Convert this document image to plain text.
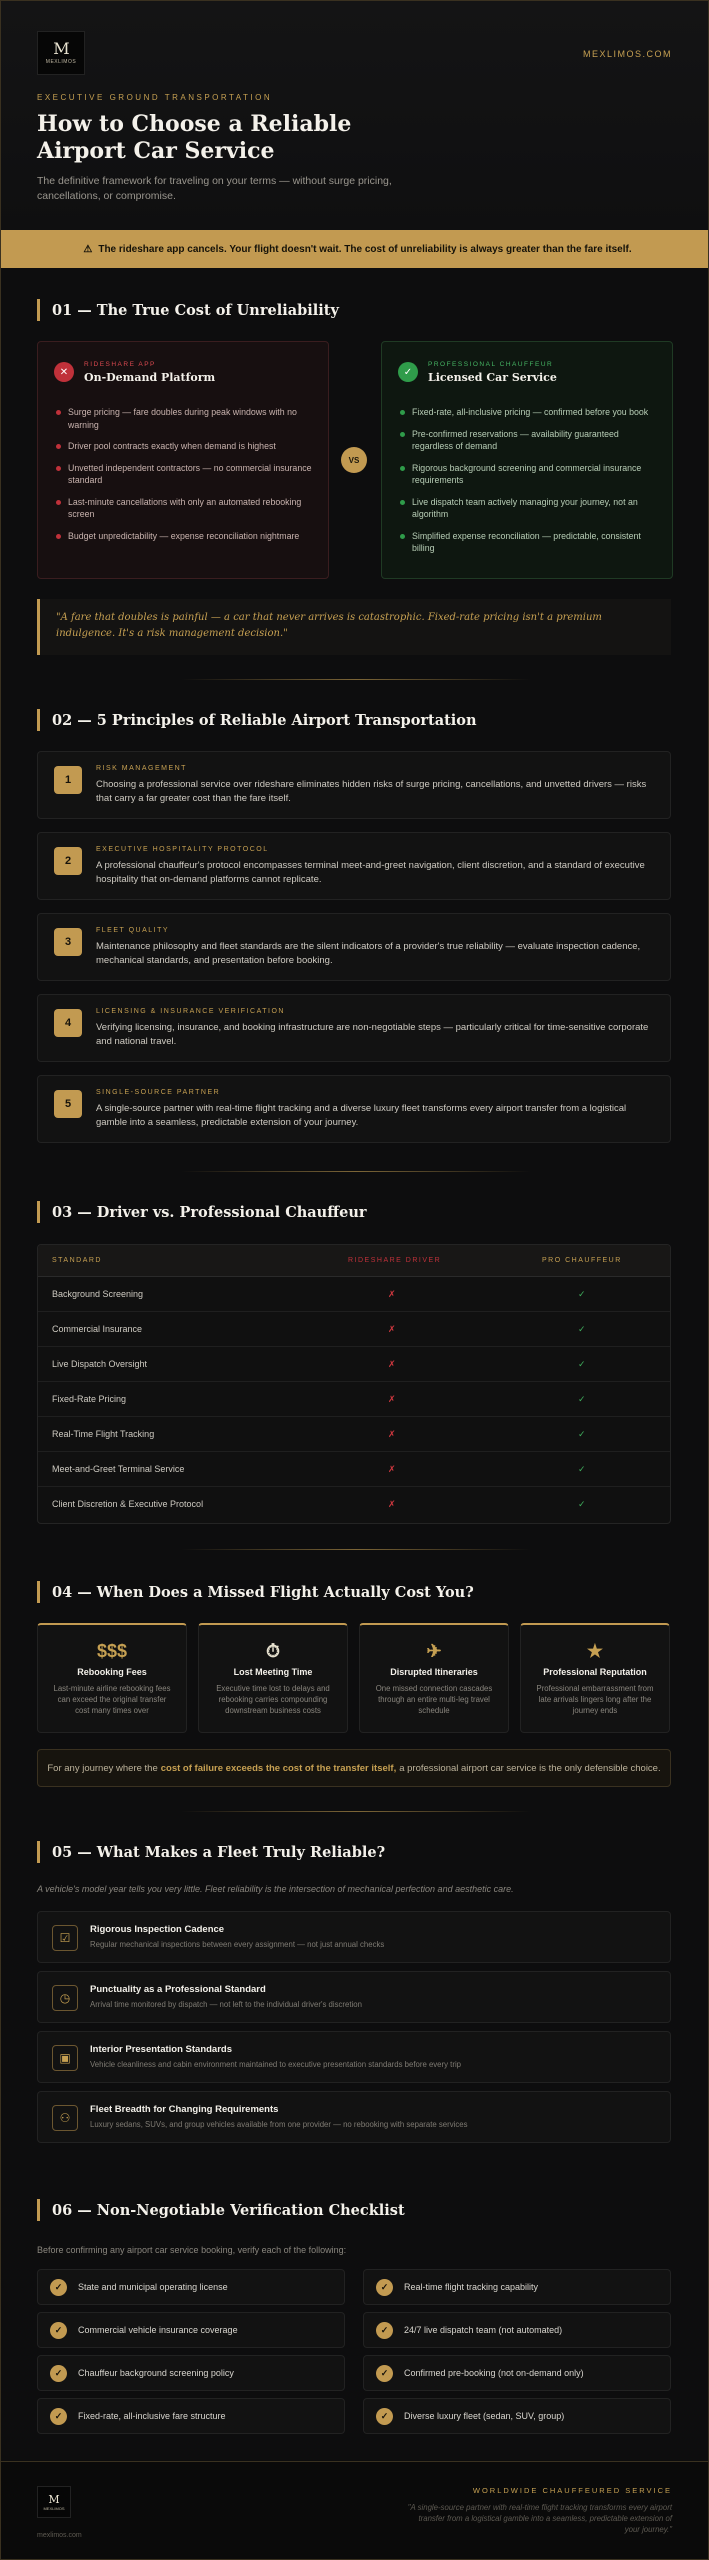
M
MEXLIMOS
MEXLIMOS.COM
EXECUTIVE GROUND TRANSPORTATION
How to Choose a Reliable Airport Car Service
The definitive framework for traveling on your terms — without surge pricing, cancellations, or compromise.
⚠ The rideshare app cancels. Your flight doesn't wait. The cost of unreliability is always greater than the fare itself.
01 — The True Cost of Unreliability
✕
RIDESHARE APP
On-Demand Platform
Surge pricing — fare doubles during peak windows with no warning
Driver pool contracts exactly when demand is highest
Unvetted independent contractors — no commercial insurance standard
Last-minute cancellations with only an automated rebooking screen
Budget unpredictability — expense reconciliation nightmare
VS
✓
PROFESSIONAL CHAUFFEUR
Licensed Car Service
Fixed-rate, all-inclusive pricing — confirmed before you book
Pre-confirmed reservations — availability guaranteed regardless of demand
Rigorous background screening and commercial insurance requirements
Live dispatch team actively managing your journey, not an algorithm
Simplified expense reconciliation — predictable, consistent billing
"A fare that doubles is painful — a car that never arrives is catastrophic. Fixed-rate pricing isn't a premium indulgence. It's a risk management decision."
02 — 5 Principles of Reliable Airport Transportation
1
RISK MANAGEMENT
Choosing a professional service over rideshare eliminates hidden risks of surge pricing, cancellations, and unvetted drivers — risks that carry a far greater cost than the fare itself.
2
EXECUTIVE HOSPITALITY PROTOCOL
A professional chauffeur's protocol encompasses terminal meet-and-greet navigation, client discretion, and a standard of executive hospitality that on-demand platforms cannot replicate.
3
FLEET QUALITY
Maintenance philosophy and fleet standards are the silent indicators of a provider's true reliability — evaluate inspection cadence, mechanical standards, and presentation before booking.
4
LICENSING & INSURANCE VERIFICATION
Verifying licensing, insurance, and booking infrastructure are non-negotiable steps — particularly critical for time-sensitive corporate and national travel.
5
SINGLE-SOURCE PARTNER
A single-source partner with real-time flight tracking and a diverse luxury fleet transforms every airport transfer from a logistical gamble into a seamless, predictable extension of your journey.
03 — Driver vs. Professional Chauffeur
STANDARD	RIDESHARE DRIVER	PRO CHAUFFEUR
Background Screening	✗	✓
Commercial Insurance	✗	✓
Live Dispatch Oversight	✗	✓
Fixed-Rate Pricing	✗	✓
Real-Time Flight Tracking	✗	✓
Meet-and-Greet Terminal Service	✗	✓
Client Discretion & Executive Protocol	✗	✓
04 — When Does a Missed Flight Actually Cost You?
$$$
Rebooking Fees
Last-minute airline rebooking fees can exceed the original transfer cost many times over
⏱
Lost Meeting Time
Executive time lost to delays and rebooking carries compounding downstream business costs
✈
Disrupted Itineraries
One missed connection cascades through an entire multi-leg travel schedule
★
Professional Reputation
Professional embarrassment from late arrivals lingers long after the journey ends
For any journey where the cost of failure exceeds the cost of the transfer itself, a professional airport car service is the only defensible choice.
05 — What Makes a Fleet Truly Reliable?
A vehicle's model year tells you very little. Fleet reliability is the intersection of mechanical perfection and aesthetic care.
☑
Rigorous Inspection Cadence
Regular mechanical inspections between every assignment — not just annual checks
◷
Punctuality as a Professional Standard
Arrival time monitored by dispatch — not left to the individual driver's discretion
▣
Interior Presentation Standards
Vehicle cleanliness and cabin environment maintained to executive presentation standards before every trip
⚇
Fleet Breadth for Changing Requirements
Luxury sedans, SUVs, and group vehicles available from one provider — no rebooking with separate services
06 — Non-Negotiable Verification Checklist
Before confirming any airport car service booking, verify each of the following:
✓	State and municipal operating license	✓	Real-time flight tracking capability
✓	Commercial vehicle insurance coverage	✓	24/7 live dispatch team (not automated)
✓	Chauffeur background screening policy	✓	Confirmed pre-booking (not on-demand only)
✓	Fixed-rate, all-inclusive fare structure	✓	Diverse luxury fleet (sedan, SUV, group)
M
MEXLIMOS
mexlimos.com
WORLDWIDE CHAUFFEURED SERVICE
"A single-source partner with real-time flight tracking transforms every airport transfer from a logistical gamble into a seamless, predictable extension of your journey."
